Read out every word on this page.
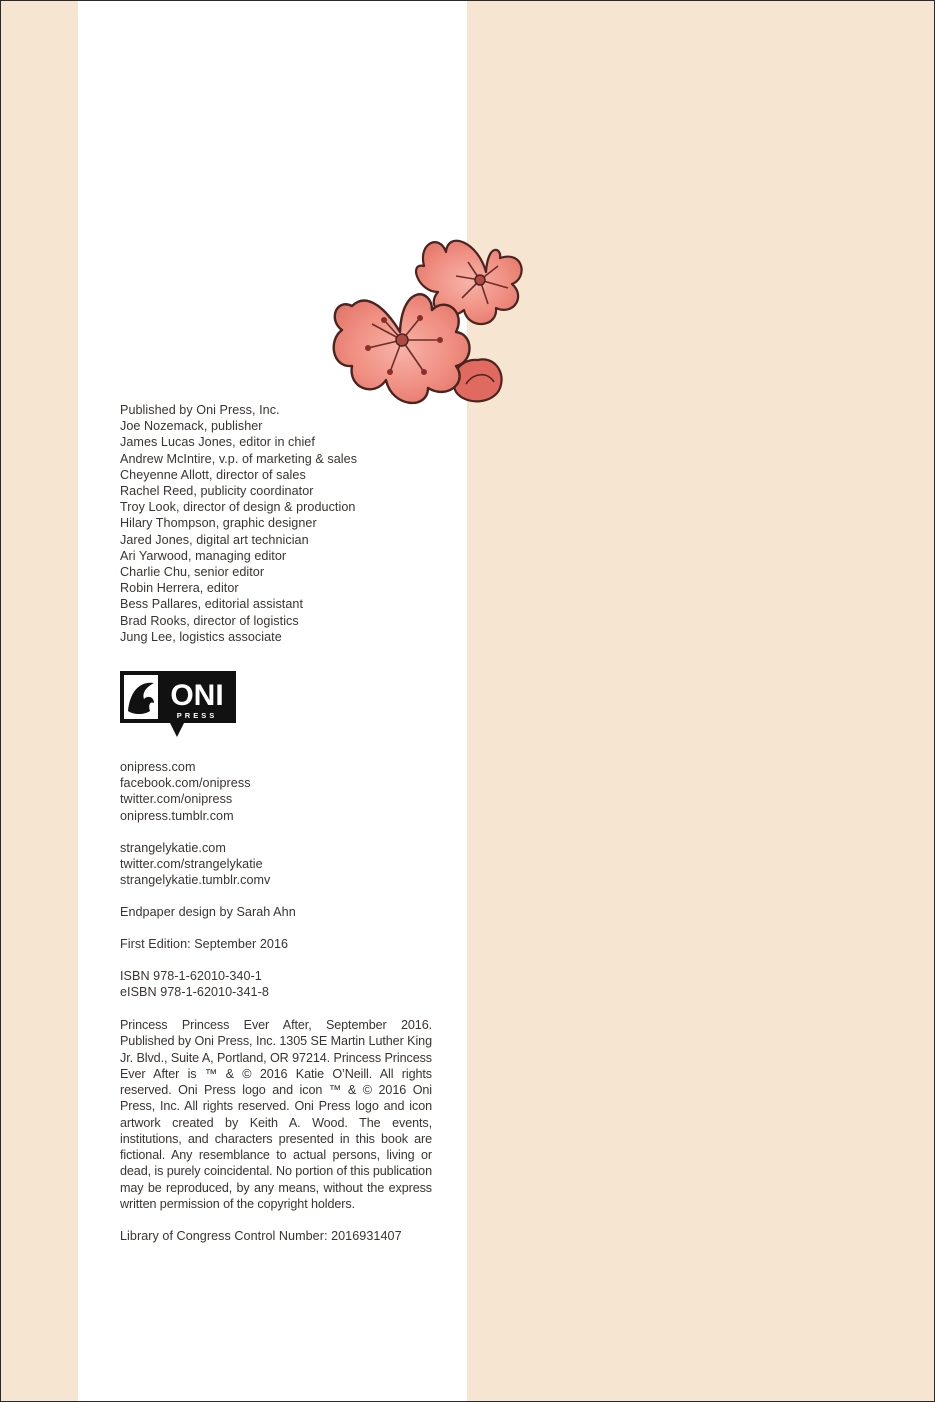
Published by Oni Press, Inc.
Joe Nozemack, publisher
James Lucas Jones, editor in chief
Andrew McIntire, v.p. of marketing & sales
Cheyenne Allott, director of sales
Rachel Reed, publicity coordinator
Troy Look, director of design & production
Hilary Thompson, graphic designer
Jared Jones, digital art technician
Ari Yarwood, managing editor
Charlie Chu, senior editor
Robin Herrera, editor
Bess Pallares, editorial assistant
Brad Rooks, director of logistics
Jung Lee, logistics associate
ONI
PRESS
onipress.com
facebook.com/onipress
twitter.com/onipress
onipress.tumblr.com
strangelykatie.com
twitter.com/strangelykatie
strangelykatie.tumblr.comv
Endpaper design by Sarah Ahn
First Edition: September 2016
ISBN 978-1-62010-340-1
eISBN 978-1-62010-341-8
Princess Princess Ever After, September 2016. Published by Oni Press, Inc. 1305 SE Martin Luther King Jr. Blvd., Suite A, Portland, OR 97214. Princess Princess Ever After is ™ & © 2016 Katie O’Neill. All rights reserved. Oni Press logo and icon ™ & © 2016 Oni Press, Inc. All rights reserved. Oni Press logo and icon artwork created by Keith A. Wood. The events, institutions, and characters presented in this book are fictional. Any resemblance to actual persons, living or dead, is purely coincidental. No portion of this publication may be reproduced, by any means, without the express written permission of the copyright holders.
Library of Congress Control Number: 2016931407
